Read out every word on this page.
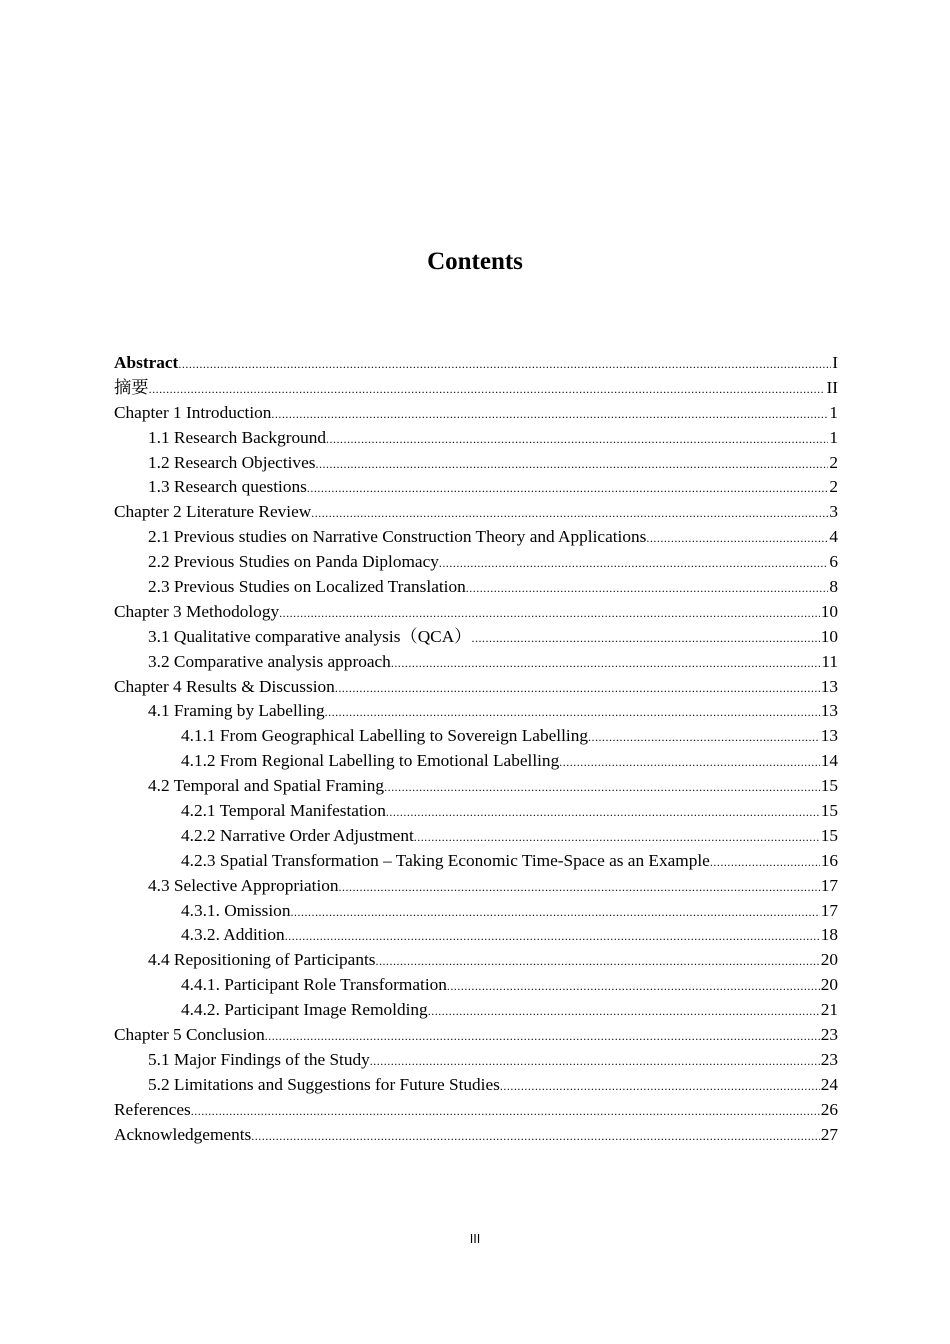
Contents
Abstract .....	I
摘要 .....	II
Chapter 1 Introduction .....	1
1.1 Research Background .....	1
1.2 Research Objectives .....	2
1.3 Research questions .....	2
Chapter 2 Literature Review .....	3
2.1 Previous studies on Narrative Construction Theory and Applications .....	4
2.2 Previous Studies on Panda Diplomacy .....	6
2.3 Previous Studies on Localized Translation .....	8
Chapter 3 Methodology .....	10
3.1 Qualitative comparative analysis（QCA） .....	10
3.2 Comparative analysis approach .....	11
Chapter 4 Results & Discussion .....	13
4.1 Framing by Labelling .....	13
4.1.1 From Geographical Labelling to Sovereign Labelling .....	13
4.1.2 From Regional Labelling to Emotional Labelling .....	14
4.2 Temporal and Spatial Framing .....	15
4.2.1 Temporal Manifestation .....	15
4.2.2 Narrative Order Adjustment .....	15
4.2.3 Spatial Transformation – Taking Economic Time-Space as an Example .....	16
4.3 Selective Appropriation .....	17
4.3.1. Omission .....	17
4.3.2. Addition .....	18
4.4 Repositioning of Participants .....	20
4.4.1. Participant Role Transformation .....	20
4.4.2. Participant Image Remolding .....	21
Chapter 5 Conclusion .....	23
5.1 Major Findings of the Study .....	23
5.2 Limitations and Suggestions for Future Studies .....	24
References .....	26
Acknowledgements .....	27
III
